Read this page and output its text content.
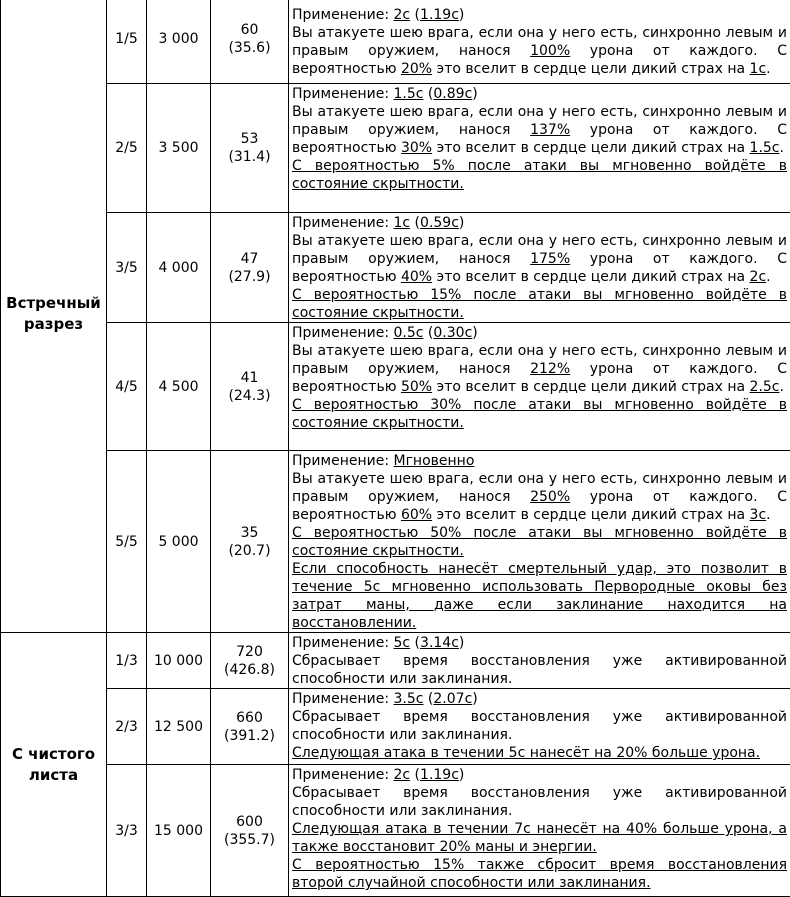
Встречный разрез	1/5	3 000	60
(35.6)	Применение: 2с (1.19с)
Вы атакуете шею врага, если она у него есть, синхронно левым и правым оружием, нанося 100% урона от каждого. С вероятностью 20% это вселит в сердце цели дикий страх на 1с.

	2/5	3 500	53
(31.4)	Применение: 1.5с (0.89с)
Вы атакуете шею врага, если она у него есть, синхронно левым и правым оружием, нанося 137% урона от каждого. С вероятностью 30% это вселит в сердце цели дикий страх на 1.5с.
С вероятностью 5% после атаки вы мгновенно войдёте в состояние скрытности.

	3/5	4 000	47
(27.9)	Применение: 1с (0.59с)
Вы атакуете шею врага, если она у него есть, синхронно левым и правым оружием, нанося 175% урона от каждого. С вероятностью 40% это вселит в сердце цели дикий страх на 2с.
С вероятностью 15% после атаки вы мгновенно войдёте в состояние скрытности.

	4/5	4 500	41
(24.3)	Применение: 0.5с (0.30с)
Вы атакуете шею врага, если она у него есть, синхронно левым и правым оружием, нанося 212% урона от каждого. С вероятностью 50% это вселит в сердце цели дикий страх на 2.5с.
С вероятностью 30% после атаки вы мгновенно войдёте в состояние скрытности.

	5/5	5 000	35
(20.7)	Применение: Мгновенно
Вы атакуете шею врага, если она у него есть, синхронно левым и правым оружием, нанося 250% урона от каждого. С вероятностью 60% это вселит в сердце цели дикий страх на 3с.
С вероятностью 50% после атаки вы мгновенно войдёте в состояние скрытности.
Если способность нанесёт смертельный удар, это позволит в течение 5с мгновенно использовать Первородные оковы без затрат маны, даже если заклинание находится на восстановлении.

С чистого листа	1/3	10 000	720
(426.8)	Применение: 5с (3.14с)
Сбрасывает время восстановления уже активированной способности или заклинания.

	2/3	12 500	660
(391.2)	Применение: 3.5с (2.07с)
Сбрасывает время восстановления уже активированной способности или заклинания.
Следующая атака в течении 5с нанесёт на 20% больше урона.

	3/3	15 000	600
(355.7)	Применение: 2с (1.19с)
Сбрасывает время восстановления уже активированной способности или заклинания.
Следующая атака в течении 7с нанесёт на 40% больше урона, а также восстановит 20% маны и энергии.
С вероятностью 15% также сбросит время восстановления второй случайной способности или заклинания.
